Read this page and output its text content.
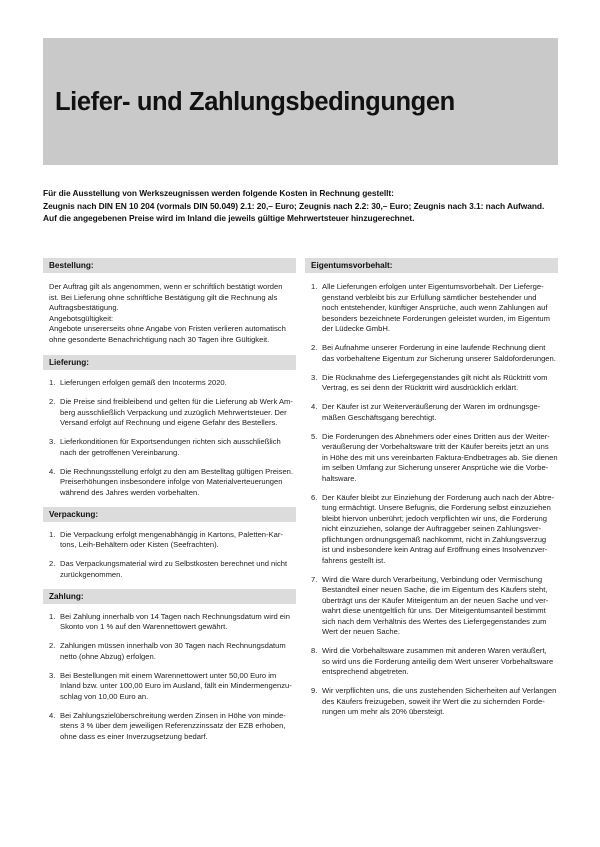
Liefer- und Zahlungsbedingungen
Für die Ausstellung von Werkszeugnissen werden folgende Kosten in Rechnung gestellt:
Zeugnis nach DIN EN 10 204 (vormals DIN 50.049) 2.1: 20,– Euro; Zeugnis nach 2.2: 30,– Euro; Zeugnis nach 3.1: nach Aufwand.
Auf die angegebenen Preise wird im Inland die jeweils gültige Mehrwertsteuer hinzugerechnet.
Bestellung:
Der Auftrag gilt als angenommen, wenn er schriftlich bestätigt worden
ist. Bei Lieferung ohne schriftliche Bestätigung gilt die Rechnung als
Auftragsbestätigung.
Angebotsgültigkeit:
Angebote unsererseits ohne Angabe von Fristen verlieren automatisch
ohne gesonderte Benachrichtigung nach 30 Tagen ihre Gültigkeit.
Lieferung:
1. Lieferungen erfolgen gemäß den Incoterms 2020.
2. Die Preise sind freibleibend und gelten für die Lieferung ab Werk Am-
berg ausschließlich Verpackung und zuzüglich Mehrwertsteuer. Der
Versand erfolgt auf Rechnung und eigene Gefahr des Bestellers.
3. Lieferkonditionen für Exportsendungen richten sich ausschließlich
nach der getroffenen Vereinbarung.
4. Die Rechnungsstellung erfolgt zu den am Bestelltag gültigen Preisen.
Preiserhöhungen insbesondere infolge von Materialverteuerungen
während des Jahres werden vorbehalten.
Verpackung:
1. Die Verpackung erfolgt mengenabhängig in Kartons, Paletten-Kar-
tons, Leih-Behältern oder Kisten (Seefrachten).
2. Das Verpackungsmaterial wird zu Selbstkosten berechnet und nicht
zurückgenommen.
Zahlung:
1. Bei Zahlung innerhalb von 14 Tagen nach Rechnungsdatum wird ein
Skonto von 1 % auf den Warennettowert gewährt.
2. Zahlungen müssen innerhalb von 30 Tagen nach Rechnungsdatum
netto (ohne Abzug) erfolgen.
3. Bei Bestellungen mit einem Warennettowert unter 50,00 Euro im
Inland bzw. unter 100,00 Euro im Ausland, fällt ein Mindermengenzu-
schlag von 10,00 Euro an.
4. Bei Zahlungszielüberschreitung werden Zinsen in Höhe von minde-
stens 3 % über dem jeweiligen Referenzzinssatz der EZB erhoben,
ohne dass es einer Inverzugsetzung bedarf.
Eigentumsvorbehalt:
1. Alle Lieferungen erfolgen unter Eigentumsvorbehalt. Der Lieferge-
genstand verbleibt bis zur Erfüllung sämtlicher bestehender und
noch entstehender, künftiger Ansprüche, auch wenn Zahlungen auf
besonders bezeichnete Forderungen geleistet wurden, im Eigentum
der Lüdecke GmbH.
2. Bei Aufnahme unserer Forderung in eine laufende Rechnung dient
das vorbehaltene Eigentum zur Sicherung unserer Saldoforderungen.
3. Die Rücknahme des Liefergegenstandes gilt nicht als Rücktritt vom
Vertrag, es sei denn der Rücktritt wird ausdrücklich erklärt.
4. Der Käufer ist zur Weiterveräußerung der Waren im ordnungsge-
mäßen Geschäftsgang berechtigt.
5. Die Forderungen des Abnehmers oder eines Dritten aus der Weiter-
veräußerung der Vorbehaltsware tritt der Käufer bereits jetzt an uns
in Höhe des mit uns vereinbarten Faktura-Endbetrages ab. Sie dienen
im selben Umfang zur Sicherung unserer Ansprüche wie die Vorbe-
haltsware.
6. Der Käufer bleibt zur Einziehung der Forderung auch nach der Abtre-
tung ermächtigt. Unsere Befugnis, die Forderung selbst einzuziehen
bleibt hiervon unberührt; jedoch verpflichten wir uns, die Forderung
nicht einzuziehen, solange der Auftraggeber seinen Zahlungsver-
pflichtungen ordnungsgemäß nachkommt, nicht in Zahlungsverzug
ist und insbesondere kein Antrag auf Eröffnung eines Insolvenzver-
fahrens gestellt ist.
7. Wird die Ware durch Verarbeitung, Verbindung oder Vermischung
Bestandteil einer neuen Sache, die im Eigentum des Käufers steht,
überträgt uns der Käufer Miteigentum an der neuen Sache und ver-
wahrt diese unentgeltlich für uns. Der Miteigentumsanteil bestimmt
sich nach dem Verhältnis des Wertes des Liefergegenstandes zum
Wert der neuen Sache.
8. Wird die Vorbehaltsware zusammen mit anderen Waren veräußert,
so wird uns die Forderung anteilig dem Wert unserer Vorbehaltsware
entsprechend abgetreten.
9. Wir verpflichten uns, die uns zustehenden Sicherheiten auf Verlangen
des Käufers freizugeben, soweit ihr Wert die zu sichernden Forde-
rungen um mehr als 20% übersteigt.
